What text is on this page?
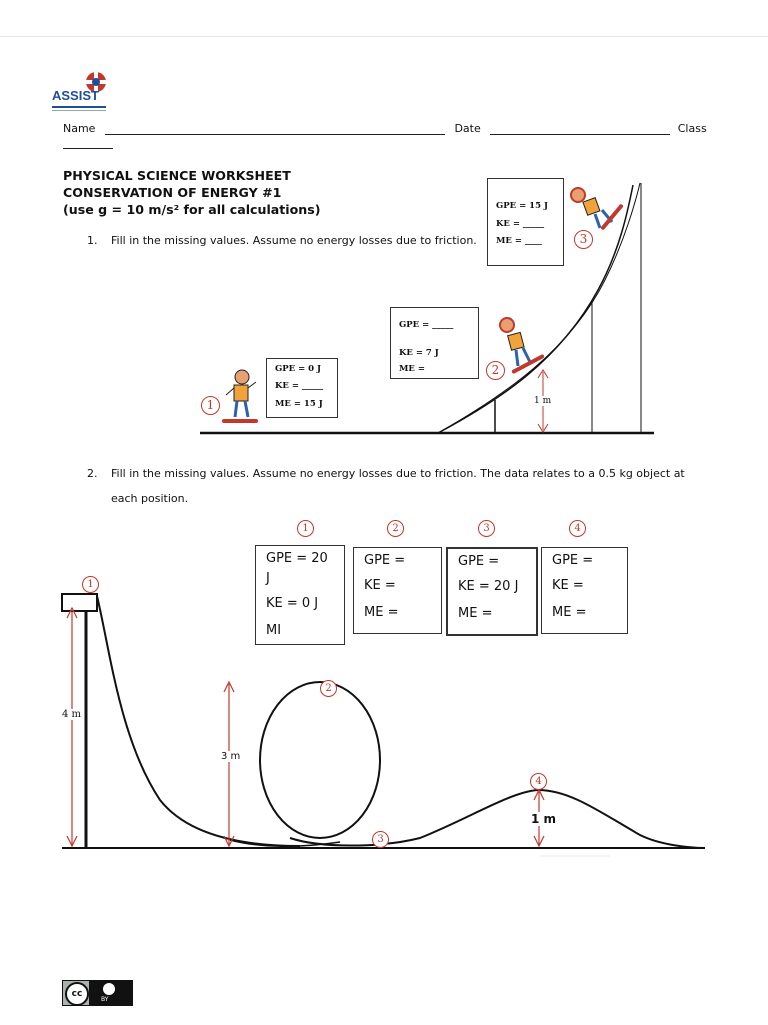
ASSIST
Name	Date	Class
PHYSICAL SCIENCE WORKSHEET
CONSERVATION OF ENERGY #1
(use g = 10 m/s² for all calculations)
1. Fill in the missing values. Assume no energy losses due to friction.
1
2
3
1 m
GPE = 0 J
KE = _____
ME = 15 J
GPE = _____
KE = 7 J
ME =
GPE = 15 J
KE = _____
ME = ____
2. Fill in the missing values. Assume no energy losses due to friction. The data relates to a 0.5 kg object at
each position.
1	2	3	4
GPE = 20
J
KE = 0 J
MI
GPE =
KE =
ME =
GPE =
KE = 20 J
ME =
GPE =
KE =
ME =
1
2
3
4
4 m
3 m
1 m
cc
BY
